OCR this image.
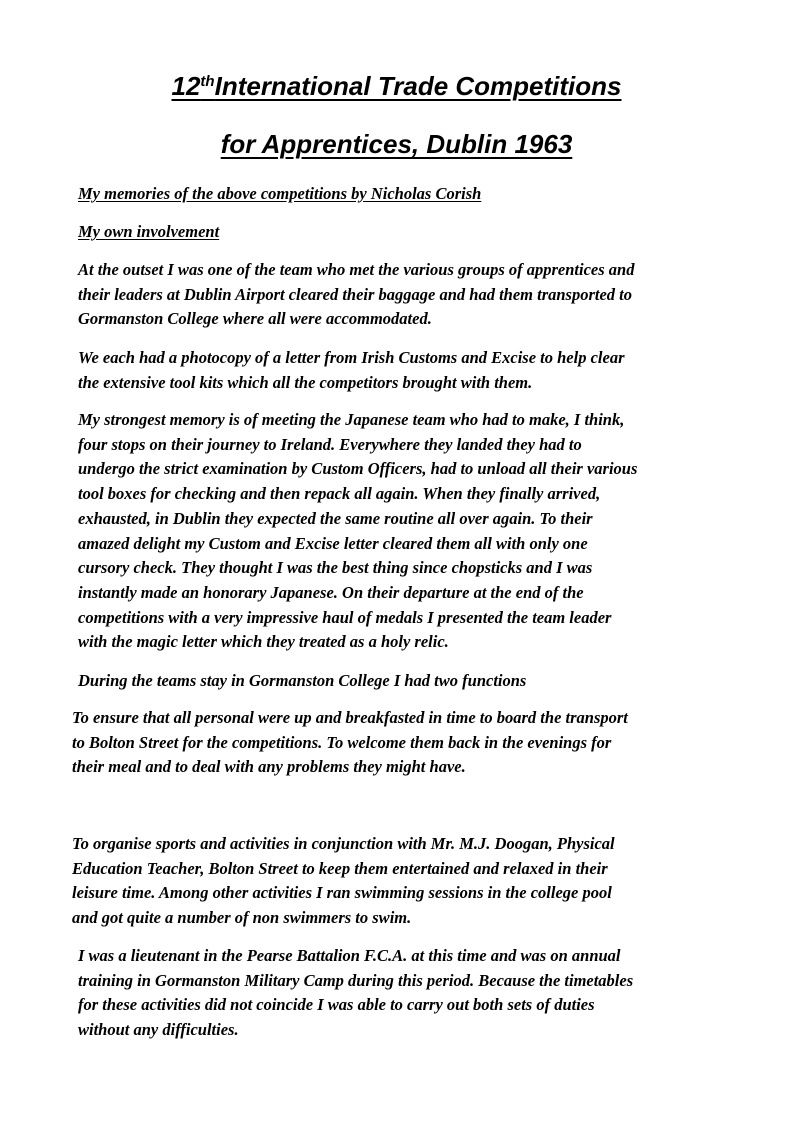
12thInternational Trade Competitions
for Apprentices, Dublin 1963

My memories of the above competitions by Nicholas Corish

My own involvement

At the outset I was one of the team who met the various groups of apprentices and
their leaders at Dublin Airport cleared their baggage and had them transported to
Gormanston College where all were accommodated.
We each had a photocopy of a letter from Irish Customs and Excise to help clear
the extensive tool kits which all the competitors brought with them.
My strongest memory is of meeting the Japanese team who had to make, I think,
four stops on their journey to Ireland. Everywhere they landed they had to
undergo the strict examination by Custom Officers, had to unload all their various
tool boxes for checking and then repack all again. When they finally arrived,
exhausted, in Dublin they expected the same routine all over again. To their
amazed delight my Custom and Excise letter cleared them all with only one
cursory check. They thought I was the best thing since chopsticks and I was
instantly made an honorary Japanese. On their departure at the end of the
competitions with a very impressive haul of medals I presented the team leader
with the magic letter which they treated as a holy relic.
During the teams stay in Gormanston College I had two functions
To ensure that all personal were up and breakfasted in time to board the transport
to Bolton Street for the competitions. To welcome them back in the evenings for
their meal and to deal with any problems they might have.
To organise sports and activities in conjunction with Mr. M.J. Doogan, Physical
Education Teacher, Bolton Street to keep them entertained and relaxed in their
leisure time. Among other activities I ran swimming sessions in the college pool
and got quite a number of non swimmers to swim.
I was a lieutenant in the Pearse Battalion F.C.A. at this time and was on annual
training in Gormanston Military Camp during this period. Because the timetables
for these activities did not coincide I was able to carry out both sets of duties
without any difficulties.
